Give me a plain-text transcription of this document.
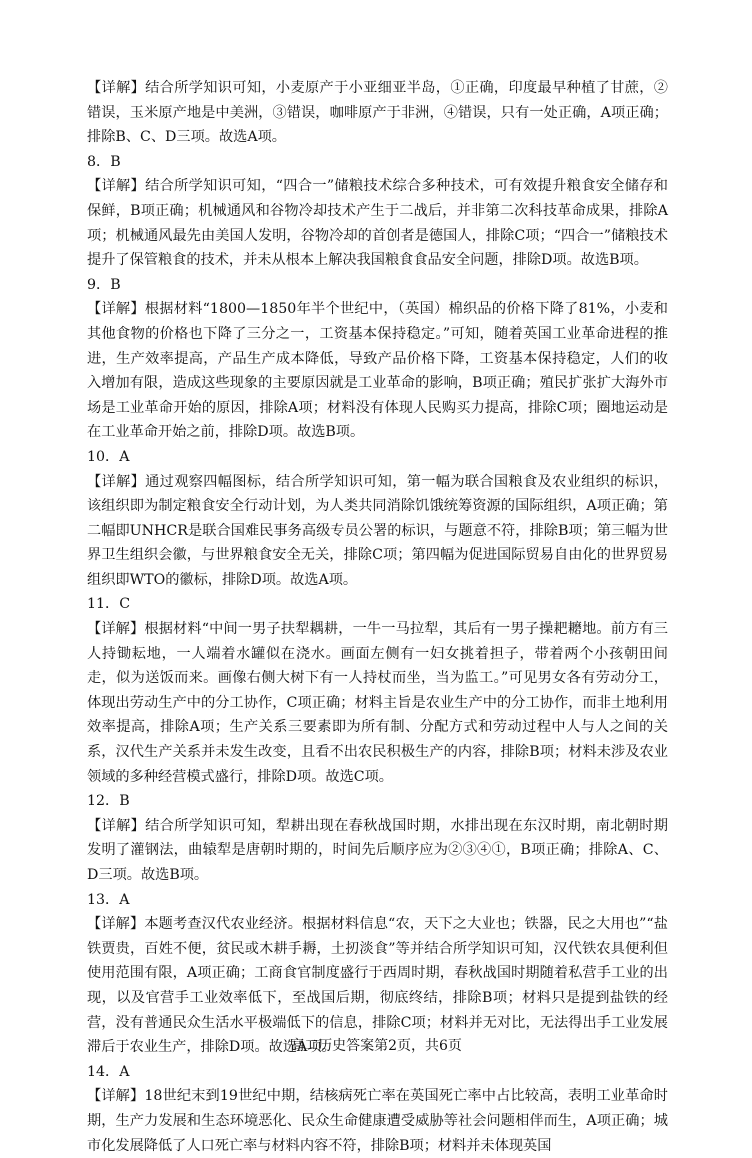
【详解】结合所学知识可知，小麦原产于小亚细亚半岛，①正确，印度最早种植了甘蔗，②错误，玉米原产地是中美洲，③错误，咖啡原产于非洲，④错误，只有一处正确，A项正确；排除B、C、D三项。故选A项。

8．B

【详解】结合所学知识可知，“四合一”储粮技术综合多种技术，可有效提升粮食安全储存和保鲜，B项正确；机械通风和谷物冷却技术产生于二战后，并非第二次科技革命成果，排除A项；机械通风最先由美国人发明，谷物冷却的首创者是德国人，排除C项；“四合一”储粮技术提升了保管粮食的技术，并未从根本上解决我国粮食食品安全问题，排除D项。故选B项。

9．B

【详解】根据材料“1800—1850年半个世纪中，（英国）棉织品的价格下降了81%，小麦和其他食物的价格也下降了三分之一，工资基本保持稳定。”可知，随着英国工业革命进程的推进，生产效率提高，产品生产成本降低，导致产品价格下降，工资基本保持稳定，人们的收入增加有限，造成这些现象的主要原因就是工业革命的影响，B项正确；殖民扩张扩大海外市场是工业革命开始的原因，排除A项；材料没有体现人民购买力提高，排除C项；圈地运动是在工业革命开始之前，排除D项。故选B项。

10．A

【详解】通过观察四幅图标，结合所学知识可知，第一幅为联合国粮食及农业组织的标识，该组织即为制定粮食安全行动计划，为人类共同消除饥饿统筹资源的国际组织，A项正确；第二幅即UNHCR是联合国难民事务高级专员公署的标识，与题意不符，排除B项；第三幅为世界卫生组织会徽，与世界粮食安全无关，排除C项；第四幅为促进国际贸易自由化的世界贸易组织即WTO的徽标，排除D项。故选A项。

11．C

【详解】根据材料“中间一男子扶犁耦耕，一牛一马拉犁，其后有一男子操耙耱地。前方有三人持锄耘地，一人端着水罐似在浇水。画面左侧有一妇女挑着担子，带着两个小孩朝田间走，似为送饭而来。画像右侧大树下有一人持杖而坐，当为监工。”可见男女各有劳动分工，体现出劳动生产中的分工协作，C项正确；材料主旨是农业生产中的分工协作，而非土地利用效率提高，排除A项；生产关系三要素即为所有制、分配方式和劳动过程中人与人之间的关系，汉代生产关系并未发生改变，且看不出农民积极生产的内容，排除B项；材料未涉及农业领域的多种经营模式盛行，排除D项。故选C项。

12．B

【详解】结合所学知识可知，犁耕出现在春秋战国时期，水排出现在东汉时期，南北朝时期发明了灌钢法，曲辕犁是唐朝时期的，时间先后顺序应为②③④①，B项正确；排除A、C、D三项。故选B项。

13．A

【详解】本题考查汉代农业经济。根据材料信息“农，天下之大业也；铁器，民之大用也”“盐铁贾贵，百姓不便，贫民或木耕手耨，土扨淡食”等并结合所学知识可知，汉代铁农具便利但使用范围有限，A项正确；工商食官制度盛行于西周时期，春秋战国时期随着私营手工业的出现，以及官营手工业效率低下，至战国后期，彻底终结，排除B项；材料只是提到盐铁的经营，没有普通民众生活水平极端低下的信息，排除C项；材料并无对比，无法得出手工业发展滞后于农业生产，排除D项。故选A项。

14．A

【详解】18世纪末到19世纪中期，结核病死亡率在英国死亡率中占比较高，表明工业革命时期，生产力发展和生态环境恶化、民众生命健康遭受威胁等社会问题相伴而生，A项正确；城市化发展降低了人口死亡率与材料内容不符，排除B项；材料并未体现英国

高二历史答案第2页，共6页
